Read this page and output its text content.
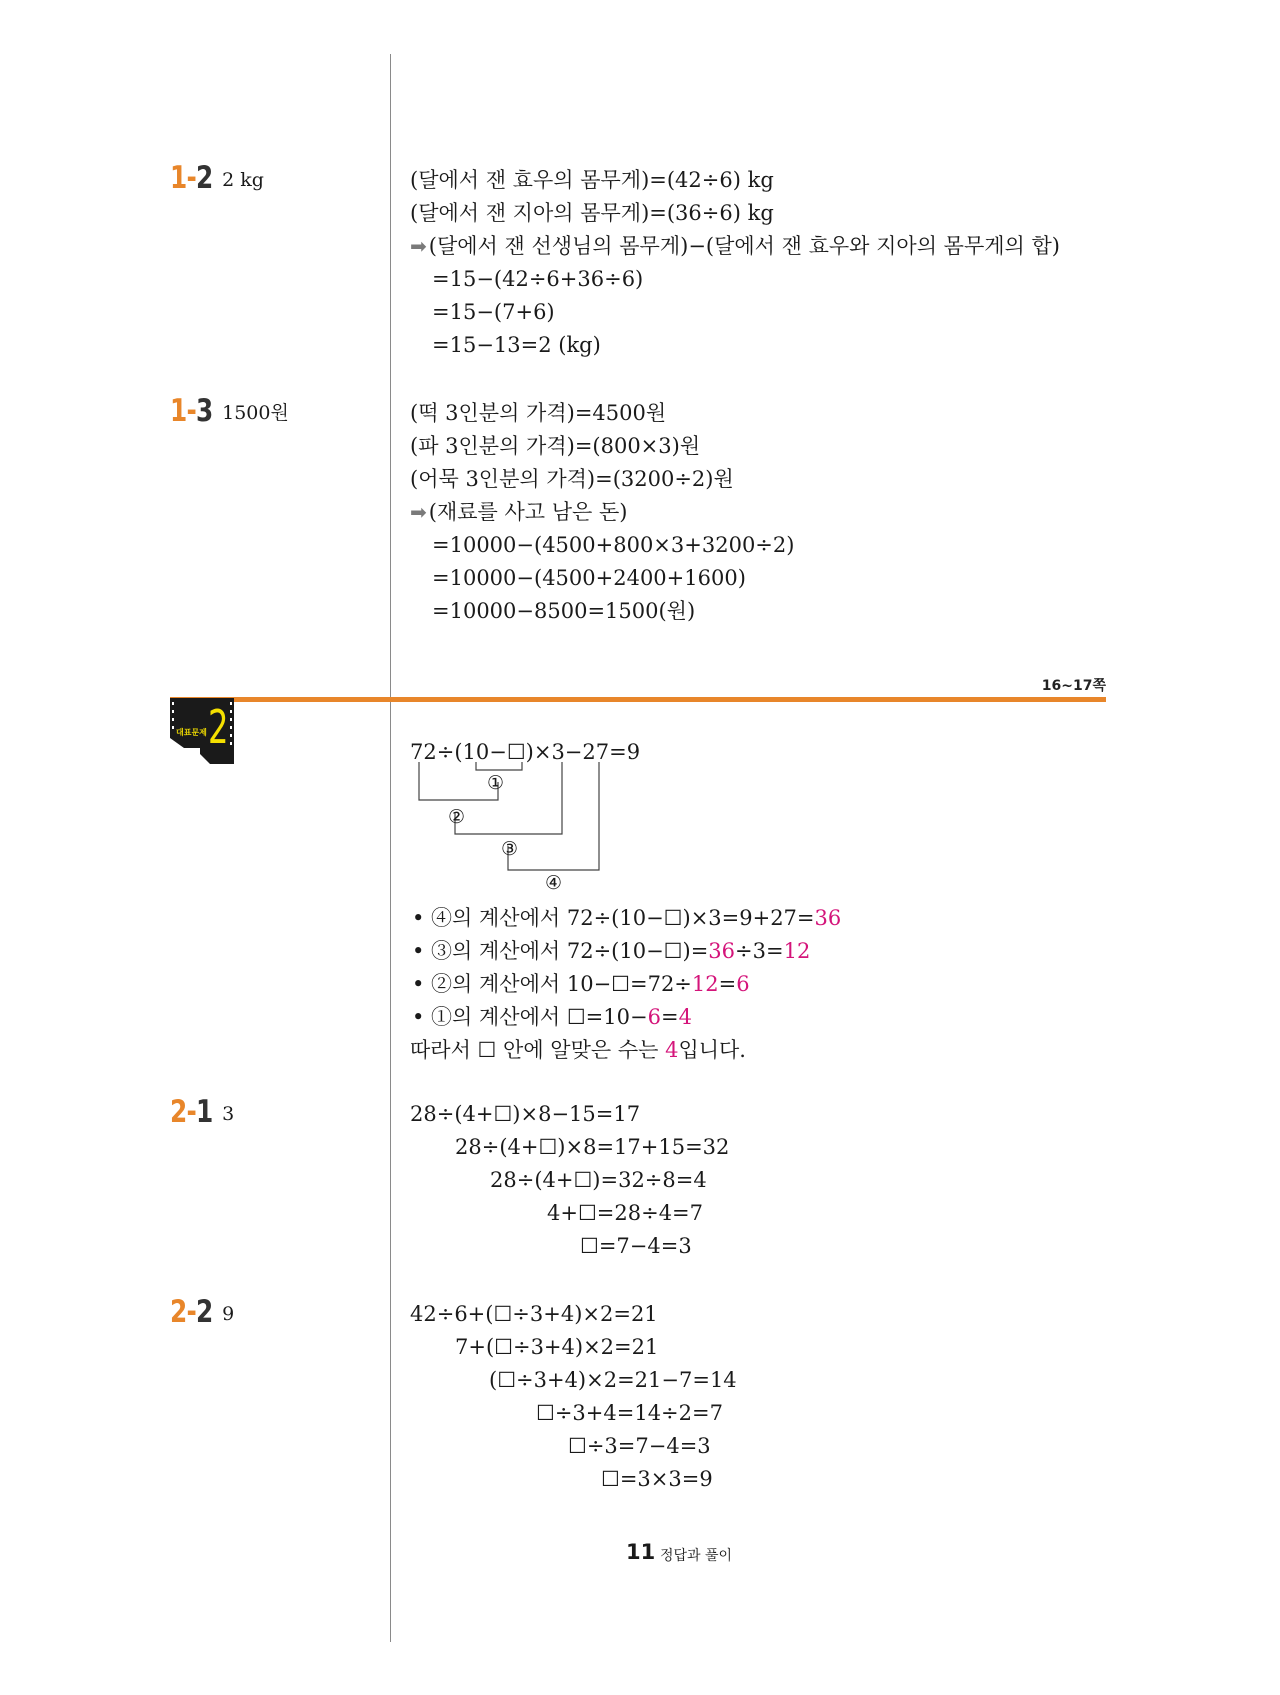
1-2 2 kg	(달에서 잰 효우의 몸무게)=(42÷6) kg
(달에서 잰 지아의 몸무게)=(36÷6) kg
➡(달에서 잰 선생님의 몸무게)−(달에서 잰 효우와 지아의 몸무게의 합)
=15−(42÷6+36÷6)
=15−(7+6)
=15−13=2 (kg)
1-3 1500원	(떡 3인분의 가격)=4500원
(파 3인분의 가격)=(800×3)원
(어묵 3인분의 가격)=(3200÷2)원
➡(재료를 사고 남은 돈)
=10000−(4500+800×3+3200÷2)
=10000−(4500+2400+1600)
=10000−8500=1500(원)
16~17쪽
대표문제 2	72÷(10−☐)×3−27=9
①
②
③
④
• ④의 계산에서 72÷(10−☐)×3=9+27=36
• ③의 계산에서 72÷(10−☐)=36÷3=12
• ②의 계산에서 10−☐=72÷12=6
• ①의 계산에서 ☐=10−6=4
따라서 ☐ 안에 알맞은 수는 4입니다.
2-1 3	28÷(4+☐)×8−15=17
28÷(4+☐)×8=17+15=32
28÷(4+☐)=32÷8=4
4+☐=28÷4=7
☐=7−4=3
2-2 9	42÷6+(☐÷3+4)×2=21
7+(☐÷3+4)×2=21
(☐÷3+4)×2=21−7=14
☐÷3+4=14÷2=7
☐÷3=7−4=3
☐=3×3=9
11 정답과 풀이
